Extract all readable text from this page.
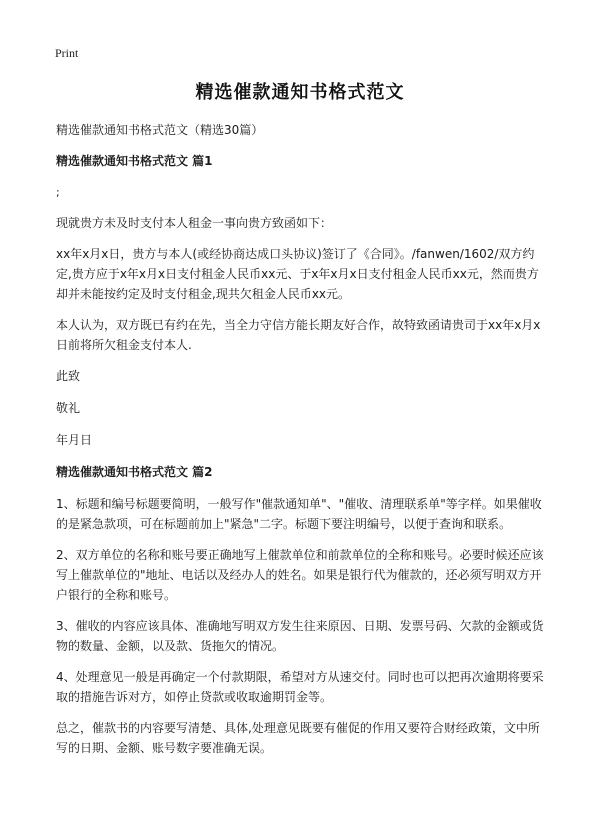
Print
精选催款通知书格式范文

精选催款通知书格式范文（精选30篇）

精选催款通知书格式范文 篇1

;

现就贵方未及时支付本人租金一事向贵方致函如下：

xx年x月x日，贵方与本人(或经协商达成口头协议)签订了《合同》。/fanwen/1602/双方约定,贵方应于x年x月x日支付租金人民币xx元、于x年x月x日支付租金人民币xx元，然而贵方却并未能按约定及时支付租金,现共欠租金人民币xx元。

本人认为，双方既已有约在先，当全力守信方能长期友好合作，故特致函请贵司于xx年x月x日前将所欠租金支付本人.

此致

敬礼

年月日

精选催款通知书格式范文 篇2

1、标题和编号标题要简明，一般写作"催款通知单"、"催收、清理联系单"等字样。如果催收的是紧急款项，可在标题前加上"紧急"二字。标题下要注明编号，以便于查询和联系。

2、双方单位的名称和账号要正确地写上催款单位和前款单位的全称和账号。必要时候还应该写上催款单位的"地址、电话以及经办人的姓名。如果是银行代为催款的，还必须写明双方开户银行的全称和账号。

3、催收的内容应该具体、准确地写明双方发生往来原因、日期、发票号码、欠款的金额或货物的数量、金额，以及款、货拖欠的情况。

4、处理意见一般是再确定一个付款期限，希望对方从速交付。同时也可以把再次逾期将要采取的措施告诉对方，如停止贷款或收取逾期罚金等。

总之，催款书的内容要写清楚、具体,处理意见既要有催促的作用又要符合财经政策，文中所写的日期、金额、账号数字要准确无误。
